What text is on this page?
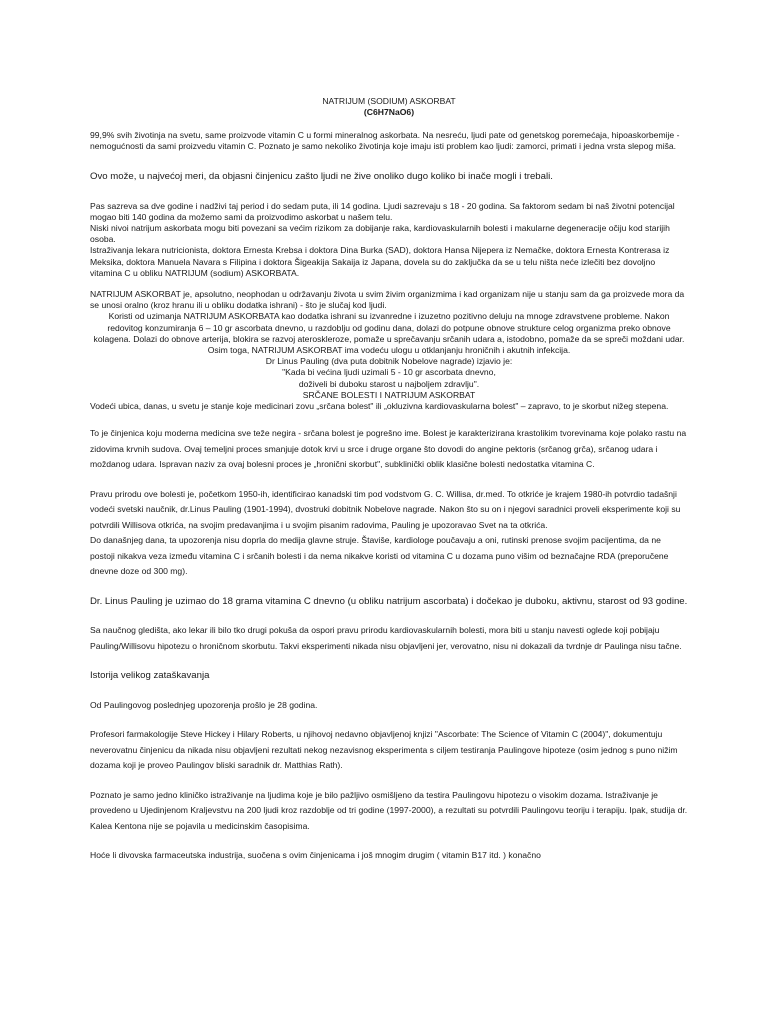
NATRIJUM (SODIUM) ASKORBAT

(C6H7NaO6)

99,9% svih životinja na svetu, same proizvode vitamin C u formi mineralnog askorbata. Na nesreću, ljudi pate od genetskog poremećaja, hipoaskorbemije - nemogućnosti da sami proizvedu vitamin C. Poznato je samo nekoliko životinja koje imaju isti problem kao ljudi: zamorci, primati i jedna vrsta slepog miša.

Ovo može, u najvećoj meri, da objasni činjenicu zašto ljudi ne žive onoliko dugo koliko bi inače mogli i trebali.

Pas sazreva sa dve godine i nadživi taj period i do sedam puta, ili 14 godina. Ljudi sazrevaju s 18 - 20 godina. Sa faktorom sedam bi naš životni potencijal mogao biti 140 godina da možemo sami da proizvodimo askorbat u našem telu.

Niski nivoi natrijum askorbata mogu biti povezani sa većim rizikom za dobijanje raka, kardiovaskularnih bolesti i makularne degeneracije očiju kod starijih osoba.

Istraživanja lekara nutricionista, doktora Ernesta Krebsa i doktora Dina Burka (SAD), doktora Hansa Nijepera iz Nemačke, doktora Ernesta Kontrerasa iz Meksika, doktora Manuela Navara s Filipina i doktora Šigeakija Sakaija iz Japana, dovela su do zaključka da se u telu ništa neće izlečiti bez dovoljno vitamina C u obliku NATRIJUM (sodium) ASKORBATA.

NATRIJUM ASKORBAT je, apsolutno, neophodan u održavanju života u svim živim organizmima i kad organizam nije u stanju sam da ga proizvede mora da se unosi oralno (kroz hranu ili u obliku dodatka ishrani) - što je slučaj kod ljudi.

Koristi od uzimanja NATRIJUM ASKORBATA kao dodatka ishrani su izvanredne i izuzetno pozitivno deluju na mnoge zdravstvene probleme. Nakon redovitog konzumiranja 6 – 10 gr ascorbata dnevno, u razdoblju od godinu dana, dolazi do potpune obnove strukture celog organizma preko obnove kolagena. Dolazi do obnove arterija, blokira se razvoj ateroskleroze, pomaže u sprečavanju srčanih udara a, istodobno, pomaže da se spreči moždani udar. Osim toga, NATRIJUM ASKORBAT ima vodeću ulogu u otklanjanju hroničnih i akutnih infekcija.

Dr Linus Pauling (dva puta dobitnik Nobelove nagrade) izjavio je:

"Kada bi većina ljudi uzimali 5 - 10 gr ascorbata dnevno,

doživeli bi duboku starost u najboljem zdravlju".

SRČANE BOLESTI I NATRIJUM ASKORBAT

Vodeći ubica, danas, u svetu je stanje koje medicinari zovu „srčana bolest" ili „okluzivna kardiovaskularna bolest" – zapravo, to je skorbut nižeg stepena.

To je činjenica koju moderna medicina sve teže negira - srčana bolest je pogrešno ime. Bolest je karakterizirana krastolikim tvorevinama koje polako rastu na zidovima krvnih sudova. Ovaj temeljni proces smanjuje dotok krvi u srce i druge organe što dovodi do angine pektoris (srčanog grča), srčanog udara i moždanog udara. Ispravan naziv za ovaj bolesni proces je „hronični skorbut", subklinički oblik klasične bolesti nedostatka vitamina C.

Pravu prirodu ove bolesti je, početkom 1950-ih, identificirao kanadski tim pod vodstvom G. C. Willisa, dr.med. To otkriće je krajem 1980-ih potvrdio tadašnji vodeći svetski naučnik, dr.Linus Pauling (1901-1994), dvostruki dobitnik Nobelove nagrade. Nakon što su on i njegovi saradnici proveli eksperimente koji su potvrdili Willisova otkrića, na svojim predavanjima i u svojim pisanim radovima, Pauling je upozoravao Svet na ta otkrića.

Do današnjeg dana, ta upozorenja nisu doprla do medija glavne struje. Štaviše, kardiologe poučavaju a oni, rutinski prenose svojim pacijentima, da ne postoji nikakva veza između vitamina C i srčanih bolesti i da nema nikakve koristi od vitamina C u dozama puno višim od beznačajne RDA (preporučene dnevne doze od 300 mg).

Dr. Linus Pauling je uzimao do 18 grama vitamina C dnevno (u obliku natrijum ascorbata) i dočekao je duboku, aktivnu, starost od 93 godine.

Sa naučnog gledišta, ako lekar ili bilo tko drugi pokuša da ospori pravu prirodu kardiovaskularnih bolesti, mora biti u stanju navesti oglede koji pobijaju Pauling/Willisovu hipotezu o hroničnom skorbutu. Takvi eksperimenti nikada nisu objavljeni jer, verovatno, nisu ni dokazali da tvrdnje dr Paulinga nisu tačne.

Istorija velikog zataškavanja

Od Paulingovog poslednjeg upozorenja prošlo je 28 godina.

Profesori farmakologije Steve Hickey i Hilary Roberts, u njihovoj nedavno objavljenoj knjizi "Ascorbate: The Science of Vitamin C (2004)", dokumentuju neverovatnu činjenicu da nikada nisu objavljeni rezultati nekog nezavisnog eksperimenta s ciljem testiranja Paulingove hipoteze (osim jednog s puno nižim dozama koji je proveo Paulingov bliski saradnik dr. Matthias Rath).

Poznato je samo jedno kliničko istraživanje na ljudima koje je bilo pažljivo osmišljeno da testira Paulingovu hipotezu o visokim dozama. Istraživanje je provedeno u Ujedinjenom Kraljevstvu na 200 ljudi kroz razdoblje od tri godine (1997-2000), a rezultati su potvrdili Paulingovu teoriju i terapiju. Ipak, studija dr. Kalea Kentona nije se pojavila u medicinskim časopisima.

Hoće li divovska farmaceutska industrija, suočena s ovim činjenicama i još mnogim drugim ( vitamin B17 itd. ) konačno
